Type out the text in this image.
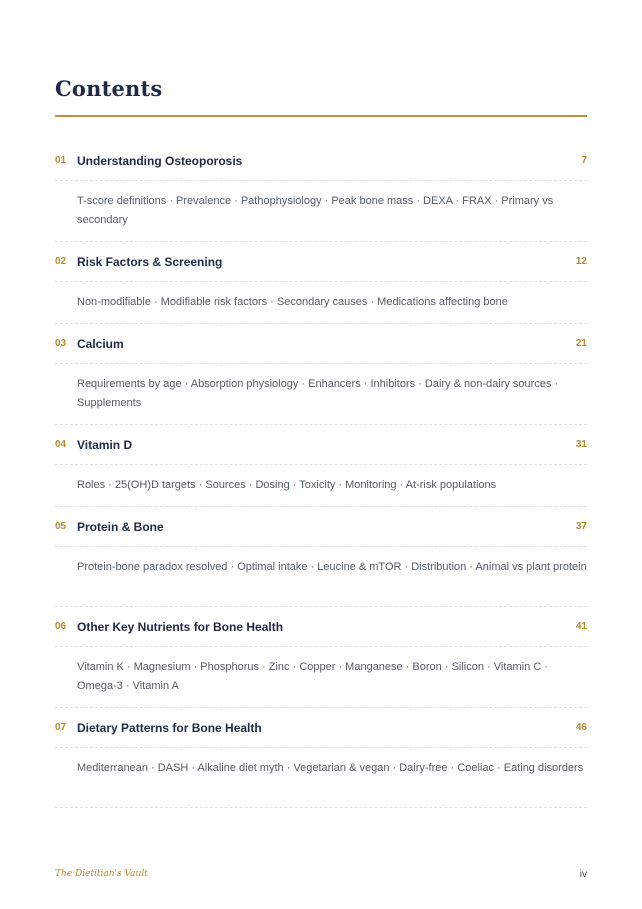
Contents
01 Understanding Osteoporosis	7
T-score definitions · Prevalence · Pathophysiology · Peak bone mass · DEXA · FRAX · Primary vs secondary
02 Risk Factors & Screening	12
Non-modifiable · Modifiable risk factors · Secondary causes · Medications affecting bone
03 Calcium	21
Requirements by age · Absorption physiology · Enhancers · Inhibitors · Dairy & non-dairy sources · Supplements
04 Vitamin D	31
Roles · 25(OH)D targets · Sources · Dosing · Toxicity · Monitoring · At-risk populations
05 Protein & Bone	37
Protein-bone paradox resolved · Optimal intake · Leucine & mTOR · Distribution · Animal vs plant protein
06 Other Key Nutrients for Bone Health	41
Vitamin K · Magnesium · Phosphorus · Zinc · Copper · Manganese · Boron · Silicon · Vitamin C · Omega-3 · Vitamin A
07 Dietary Patterns for Bone Health	46
Mediterranean · DASH · Alkaline diet myth · Vegetarian & vegan · Dairy-free · Coeliac · Eating disorders
The Dietitian's Vault	iv
